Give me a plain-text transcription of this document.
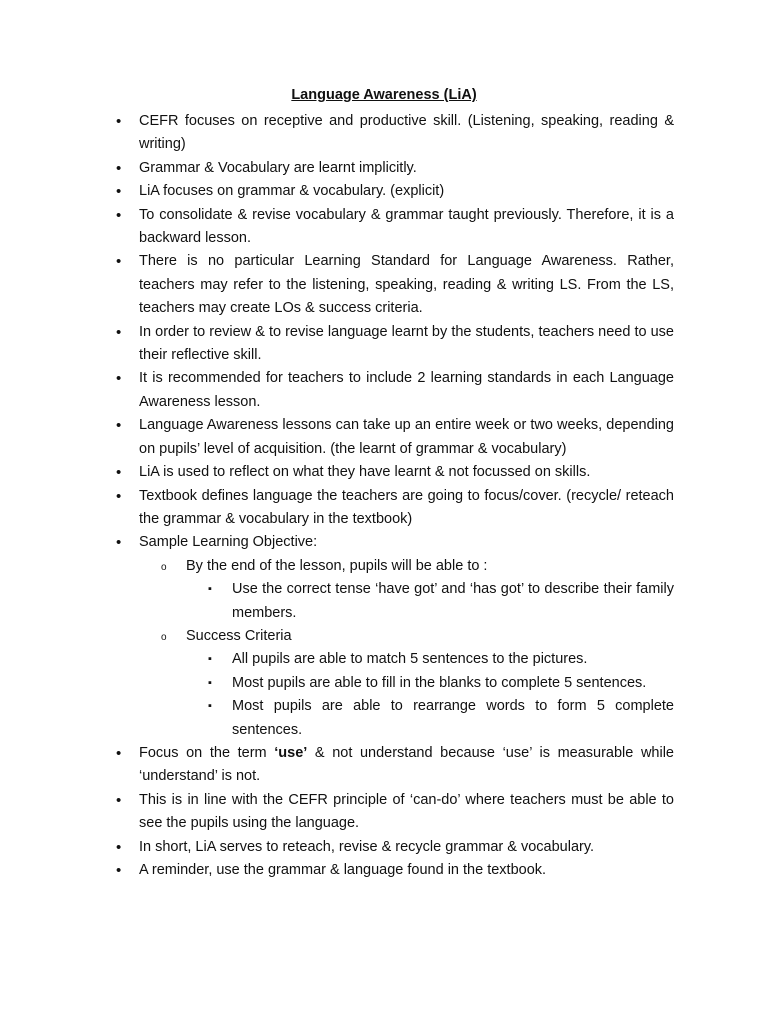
Language Awareness (LiA)
• CEFR focuses on receptive and productive skill. (Listening, speaking, reading & writing)
• Grammar & Vocabulary are learnt implicitly.
• LiA focuses on grammar & vocabulary. (explicit)
• To consolidate & revise vocabulary & grammar taught previously. Therefore, it is a backward lesson.
• There is no particular Learning Standard for Language Awareness. Rather, teachers may refer to the listening, speaking, reading & writing LS. From the LS, teachers may create LOs & success criteria.
• In order to review & to revise language learnt by the students, teachers need to use their reflective skill.
• It is recommended for teachers to include 2 learning standards in each Language Awareness lesson.
• Language Awareness lessons can take up an entire week or two weeks, depending on pupils’ level of acquisition. (the learnt of grammar & vocabulary)
• LiA is used to reflect on what they have learnt & not focussed on skills.
• Textbook defines language the teachers are going to focus/cover. (recycle/ reteach the grammar & vocabulary in the textbook)
• Sample Learning Objective:
o By the end of the lesson, pupils will be able to :
▪ Use the correct tense ‘have got’ and ‘has got’ to describe their family members.
o Success Criteria
▪ All pupils are able to match 5 sentences to the pictures.
▪ Most pupils are able to fill in the blanks to complete 5 sentences.
▪ Most pupils are able to rearrange words to form 5 complete sentences.
• Focus on the term ‘use’ & not understand because ‘use’ is measurable while ‘understand’ is not.
• This is in line with the CEFR principle of ‘can-do’ where teachers must be able to see the pupils using the language.
• In short, LiA serves to reteach, revise & recycle grammar & vocabulary.
• A reminder, use the grammar & language found in the textbook.
